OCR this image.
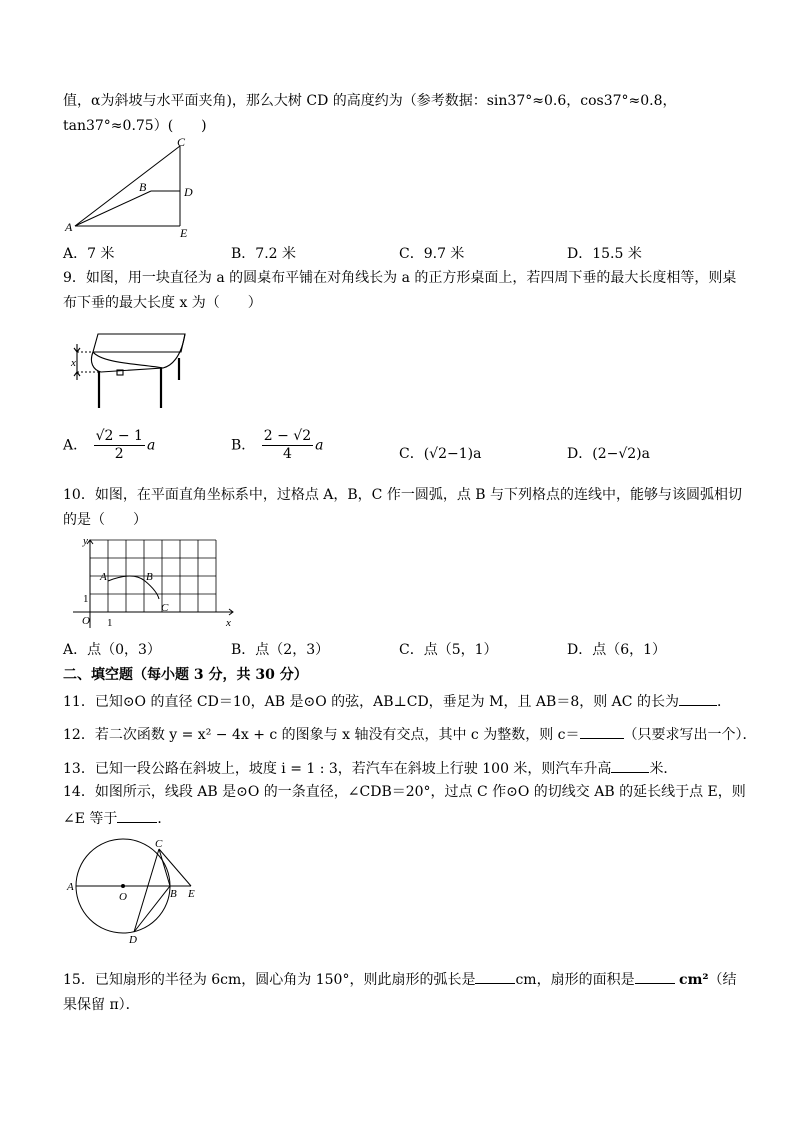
值，α为斜坡与水平面夹角)，那么大树 CD 的高度约为（参考数据：sin37°≈0.6，cos37°≈0.8，
tan37°≈0.75）(　　)
C
B	D
A	E
A．7 米	B．7.2 米	C．9.7 米	D．15.5 米
9．如图，用一块直径为 a 的圆桌布平铺在对角线长为 a 的正方形桌面上，若四周下垂的最大长度相等，则桌
布下垂的最大长度 x 为（　　）
x
A． $\frac{√2 - 1}{2}$ a	B． $\frac{2 - √2}{4}$ a
C．(√2−1)a	D．(2−√2)a
10．如图，在平面直角坐标系中，过格点 A，B，C 作一圆弧，点 B 与下列格点的连线中，能够与该圆弧相切
的是（　　）
y
x
O 1
1
A	B
C
A．点（0，3）	B．点（2，3）	C．点（5，1）	D．点（6，1）
二、填空题（每小题 3 分，共 30 分）
11．已知⊙O 的直径 CD＝10，AB 是⊙O 的弦，AB⊥CD，垂足为 M，且 AB＝8，则 AC 的长为	．
12．若二次函数 y = x² − 4x + c 的图象与 x 轴没有交点，其中 c 为整数，则 c＝	（只要求写出一个）．
13．已知一段公路在斜坡上，坡度 i = 1 : 3，若汽车在斜坡上行驶 100 米，则汽车升高	米．
14．如图所示，线段 AB 是⊙O 的一条直径，∠CDB＝20°，过点 C 作⊙O 的切线交 AB 的延长线于点 E，则
∠E 等于	．
A
C
B E
O
D
15．已知扇形的半径为 6cm，圆心角为 150°，则此扇形的弧长是	cm，扇形的面积是	cm²（结
果保留 π）．
